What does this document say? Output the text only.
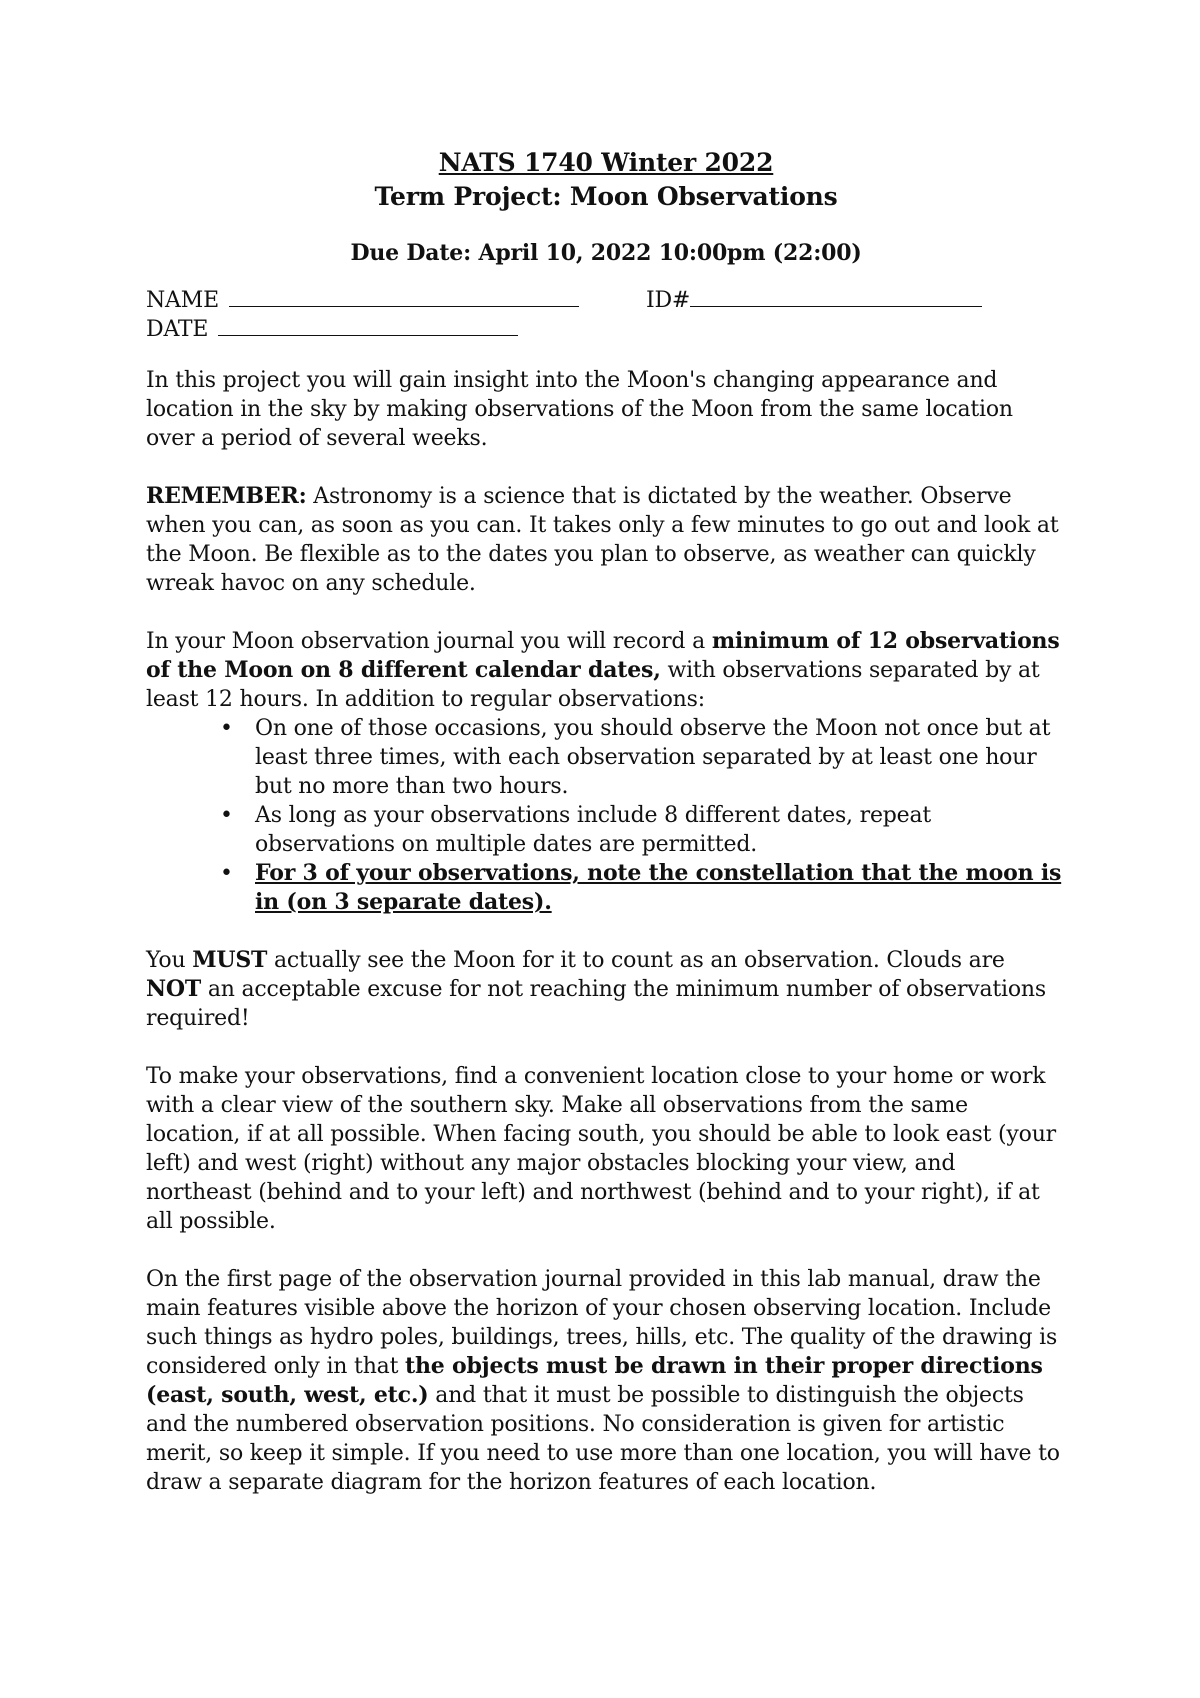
NATS 1740 Winter 2022
Term Project: Moon Observations
Due Date: April 10, 2022 10:00pm (22:00)
NAME	ID#
DATE

In this project you will gain insight into the Moon's changing appearance and location in the sky by making observations of the Moon from the same location over a period of several weeks.

REMEMBER: Astronomy is a science that is dictated by the weather. Observe when you can, as soon as you can. It takes only a few minutes to go out and look at the Moon. Be flexible as to the dates you plan to observe, as weather can quickly wreak havoc on any schedule.

In your Moon observation journal you will record a minimum of 12 observations of the Moon on 8 different calendar dates, with observations separated by at least 12 hours. In addition to regular observations:

• On one of those occasions, you should observe the Moon not once but at least three times, with each observation separated by at least one hour but no more than two hours.
• As long as your observations include 8 different dates, repeat observations on multiple dates are permitted.
• For 3 of your observations, note the constellation that the moon is in (on 3 separate dates).

You MUST actually see the Moon for it to count as an observation. Clouds are NOT an acceptable excuse for not reaching the minimum number of observations required!

To make your observations, find a convenient location close to your home or work with a clear view of the southern sky. Make all observations from the same location, if at all possible. When facing south, you should be able to look east (your left) and west (right) without any major obstacles blocking your view, and northeast (behind and to your left) and northwest (behind and to your right), if at all possible.

On the first page of the observation journal provided in this lab manual, draw the main features visible above the horizon of your chosen observing location. Include such things as hydro poles, buildings, trees, hills, etc. The quality of the drawing is considered only in that the objects must be drawn in their proper directions (east, south, west, etc.) and that it must be possible to distinguish the objects and the numbered observation positions. No consideration is given for artistic merit, so keep it simple. If you need to use more than one location, you will have to draw a separate diagram for the horizon features of each location.
